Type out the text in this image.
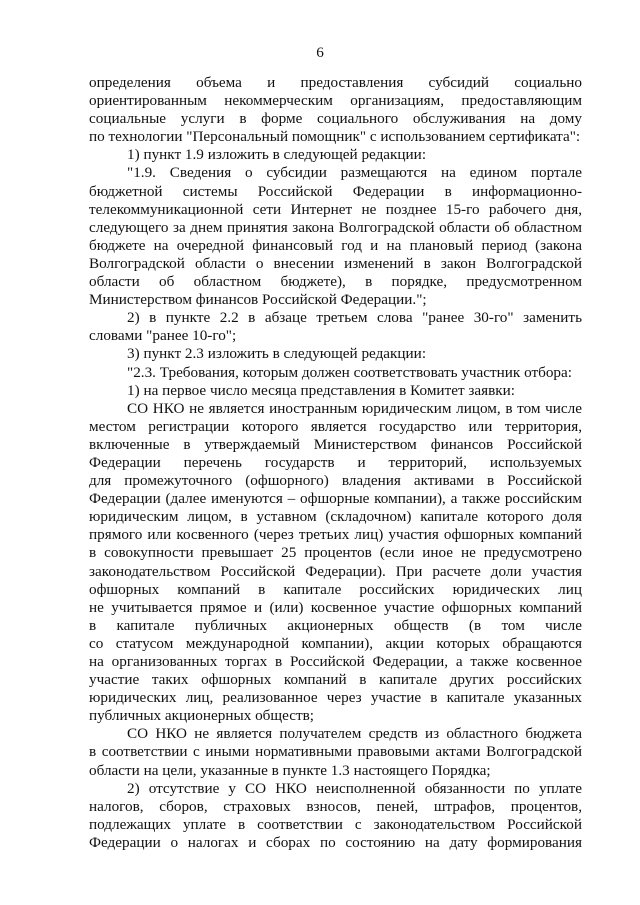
6
определения объема и предоставления субсидий социально
ориентированным некоммерческим организациям, предоставляющим
социальные услуги в форме социального обслуживания на дому
по технологии "Персональный помощник" с использованием сертификата":
1) пункт 1.9 изложить в следующей редакции:
"1.9. Сведения о субсидии размещаются на едином портале
бюджетной системы Российской Федерации в информационно-
телекоммуникационной сети Интернет не позднее 15-го рабочего дня,
следующего за днем принятия закона Волгоградской области об областном
бюджете на очередной финансовый год и на плановый период (закона
Волгоградской области о внесении изменений в закон Волгоградской
области об областном бюджете), в порядке, предусмотренном
Министерством финансов Российской Федерации.";
2) в пункте 2.2 в абзаце третьем слова "ранее 30-го" заменить
словами "ранее 10-го";
3) пункт 2.3 изложить в следующей редакции:
"2.3. Требования, которым должен соответствовать участник отбора:
1) на первое число месяца представления в Комитет заявки:
СО НКО не является иностранным юридическим лицом, в том числе
местом регистрации которого является государство или территория,
включенные в утверждаемый Министерством финансов Российской
Федерации перечень государств и территорий, используемых
для промежуточного (офшорного) владения активами в Российской
Федерации (далее именуются – офшорные компании), а также российским
юридическим лицом, в уставном (складочном) капитале которого доля
прямого или косвенного (через третьих лиц) участия офшорных компаний
в совокупности превышает 25 процентов (если иное не предусмотрено
законодательством Российской Федерации). При расчете доли участия
офшорных компаний в капитале российских юридических лиц
не учитывается прямое и (или) косвенное участие офшорных компаний
в капитале публичных акционерных обществ (в том числе
со статусом международной компании), акции которых обращаются
на организованных торгах в Российской Федерации, а также косвенное
участие таких офшорных компаний в капитале других российских
юридических лиц, реализованное через участие в капитале указанных
публичных акционерных обществ;
СО НКО не является получателем средств из областного бюджета
в соответствии с иными нормативными правовыми актами Волгоградской
области на цели, указанные в пункте 1.3 настоящего Порядка;
2) отсутствие у СО НКО неисполненной обязанности по уплате
налогов, сборов, страховых взносов, пеней, штрафов, процентов,
подлежащих уплате в соответствии с законодательством Российской
Федерации о налогах и сборах по состоянию на дату формирования
